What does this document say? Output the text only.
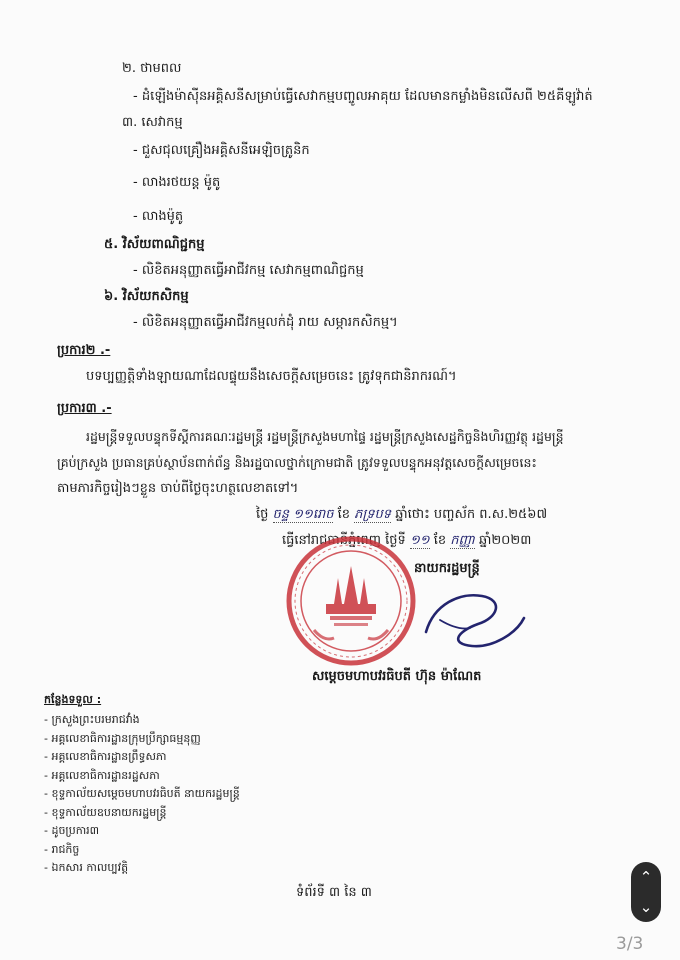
២. ថាមពល
- ដំឡើងម៉ាស៊ីនអគ្គិសនីសម្រាប់ធ្វើសេវាកម្មបញ្ចូលអាគុយ ដែលមានកម្លាំងមិនលើសពី ២៥គីឡូវ៉ាត់
៣. សេវាកម្ម
- ជួសជុលគ្រឿងអគ្គិសនីអេឡិចត្រូនិក
- លាងរថយន្ត ម៉ូតូ
- លាងម៉ូតូ
៥. វិស័យពាណិជ្ជកម្ម
- លិខិតអនុញ្ញាតធ្វើអាជីវកម្ម សេវាកម្មពាណិជ្ជកម្ម
៦. វិស័យកសិកម្ម
- លិខិតអនុញ្ញាតធ្វើអាជីវកម្មលក់ដុំ រាយ សម្ភារកសិកម្ម។
ប្រការ២ .-
បទប្បញ្ញត្តិទាំងឡាយណាដែលផ្ទុយនឹងសេចក្តីសម្រេចនេះ ត្រូវទុកជានិរាករណ៍។
ប្រការ៣ .-
រដ្ឋមន្ត្រីទទួលបន្ទុកទីស្តីការគណៈរដ្ឋមន្ត្រី រដ្ឋមន្ត្រីក្រសួងមហាផ្ទៃ រដ្ឋមន្ត្រីក្រសួងសេដ្ឋកិច្ចនិងហិរញ្ញវត្ថុ រដ្ឋមន្ត្រី
គ្រប់ក្រសួង ប្រធានគ្រប់ស្ថាប័នពាក់ព័ន្ធ និងរដ្ឋបាលថ្នាក់ក្រោមជាតិ ត្រូវទទួលបន្ទុកអនុវត្តសេចក្តីសម្រេចនេះ
តាមភារកិច្ចរៀងៗខ្លួន ចាប់ពីថ្ងៃចុះហត្ថលេខាតទៅ។
ថ្ងៃ ចន្ទ ១១រោច ខែ ភទ្របទ ឆ្នាំថោះ បញ្ចស័ក ព.ស.២៥៦៧
ធ្វើនៅរាជធានីភ្នំពេញ ថ្ងៃទី ១១ ខែ កញ្ញា ឆ្នាំ២០២៣
នាយករដ្ឋមន្ត្រី
សម្តេចមហាបវរធិបតី ហ៊ុន ម៉ាណែត
កន្លែងទទួល :
- ក្រសួងព្រះបរមរាជវាំង
- អគ្គលេខាធិការដ្ឋានក្រុមប្រឹក្សាធម្មនុញ្ញ
- អគ្គលេខាធិការដ្ឋានព្រឹទ្ធសភា
- អគ្គលេខាធិការដ្ឋានរដ្ឋសភា
- ខុទ្ទកាល័យសម្តេចមហាបវរធិបតី នាយករដ្ឋមន្ត្រី
- ខុទ្ទកាល័យឧបនាយករដ្ឋមន្ត្រី
- ដូចប្រការ៣
- រាជកិច្ច
- ឯកសារ កាលប្បវត្តិ
ទំព័រទី ៣ នៃ ៣
⌃
⌄
3/3
